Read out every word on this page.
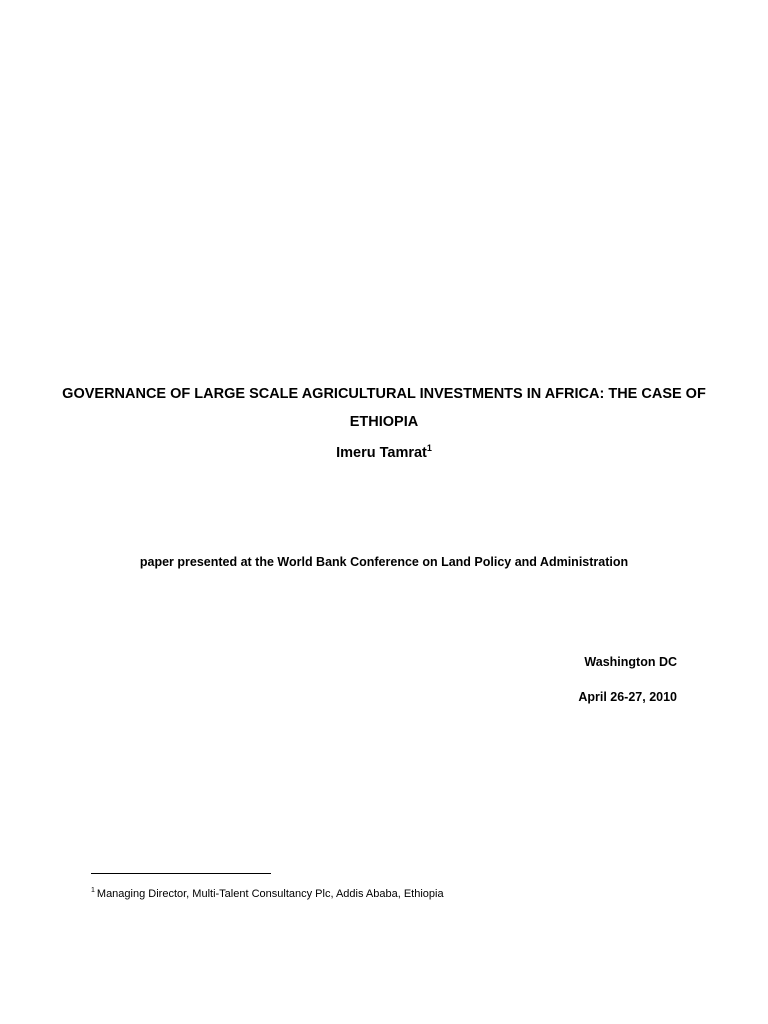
GOVERNANCE OF LARGE SCALE AGRICULTURAL INVESTMENTS IN AFRICA: THE CASE OF ETHIOPIA
Imeru Tamrat$^1$
paper presented at the World Bank Conference on Land Policy and Administration
Washington DC
April 26-27, 2010
$^1$ Managing Director, Multi-Talent Consultancy Plc, Addis Ababa, Ethiopia
